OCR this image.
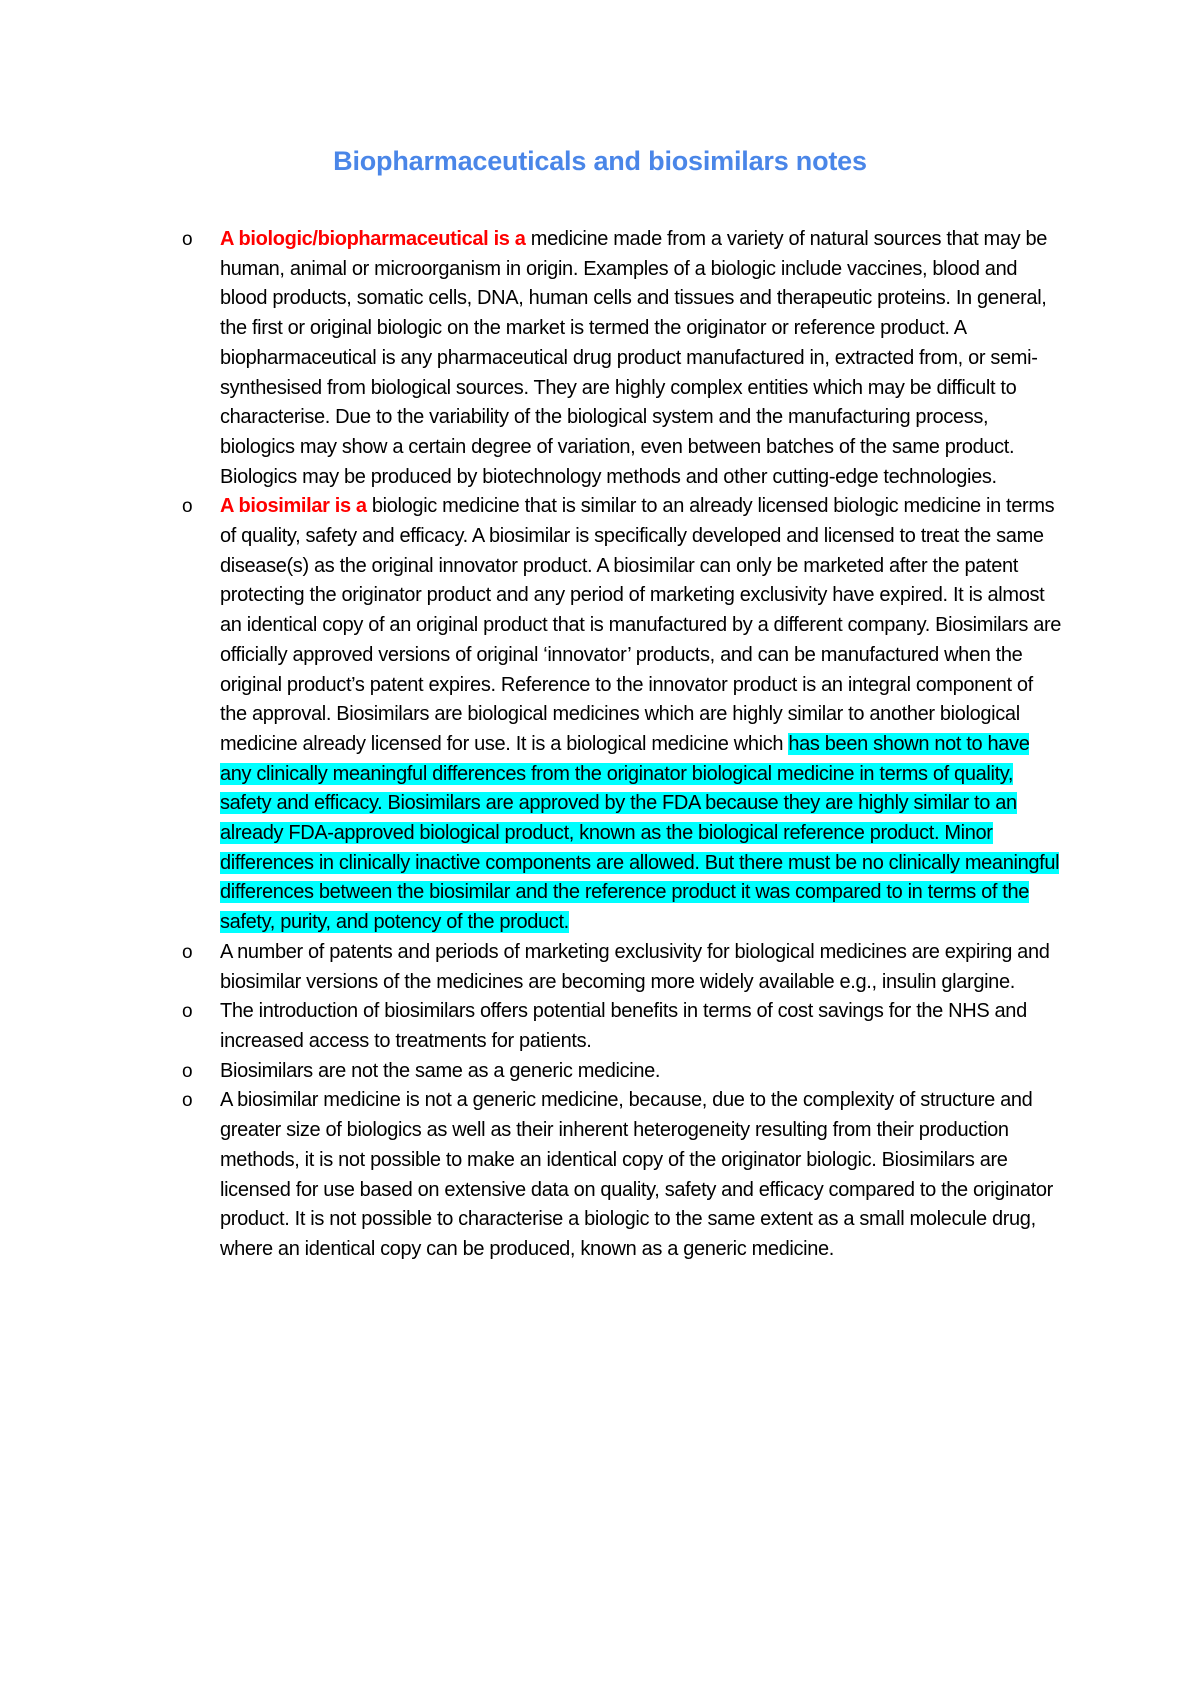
Biopharmaceuticals and biosimilars notes
o A biologic/biopharmaceutical is a medicine made from a variety of natural sources that may be human, animal or microorganism in origin. Examples of a biologic include vaccines, blood and blood products, somatic cells, DNA, human cells and tissues and therapeutic proteins. In general, the first or original biologic on the market is termed the originator or reference product. A biopharmaceutical is any pharmaceutical drug product manufactured in, extracted from, or semi-synthesised from biological sources. They are highly complex entities which may be difficult to characterise. Due to the variability of the biological system and the manufacturing process, biologics may show a certain degree of variation, even between batches of the same product. Biologics may be produced by biotechnology methods and other cutting-edge technologies.
o A biosimilar is a biologic medicine that is similar to an already licensed biologic medicine in terms of quality, safety and efficacy. A biosimilar is specifically developed and licensed to treat the same disease(s) as the original innovator product. A biosimilar can only be marketed after the patent protecting the originator product and any period of marketing exclusivity have expired. It is almost an identical copy of an original product that is manufactured by a different company. Biosimilars are officially approved versions of original ‘innovator’ products, and can be manufactured when the original product’s patent expires. Reference to the innovator product is an integral component of the approval. Biosimilars are biological medicines which are highly similar to another biological medicine already licensed for use. It is a biological medicine which has been shown not to have any clinically meaningful differences from the originator biological medicine in terms of quality, safety and efficacy. Biosimilars are approved by the FDA because they are highly similar to an already FDA-approved biological product, known as the biological reference product. Minor differences in clinically inactive components are allowed. But there must be no clinically meaningful differences between the biosimilar and the reference product it was compared to in terms of the safety, purity, and potency of the product.
o A number of patents and periods of marketing exclusivity for biological medicines are expiring and biosimilar versions of the medicines are becoming more widely available e.g., insulin glargine.
o The introduction of biosimilars offers potential benefits in terms of cost savings for the NHS and increased access to treatments for patients.
o Biosimilars are not the same as a generic medicine.
o A biosimilar medicine is not a generic medicine, because, due to the complexity of structure and greater size of biologics as well as their inherent heterogeneity resulting from their production methods, it is not possible to make an identical copy of the originator biologic. Biosimilars are licensed for use based on extensive data on quality, safety and efficacy compared to the originator product. It is not possible to characterise a biologic to the same extent as a small molecule drug, where an identical copy can be produced, known as a generic medicine.
